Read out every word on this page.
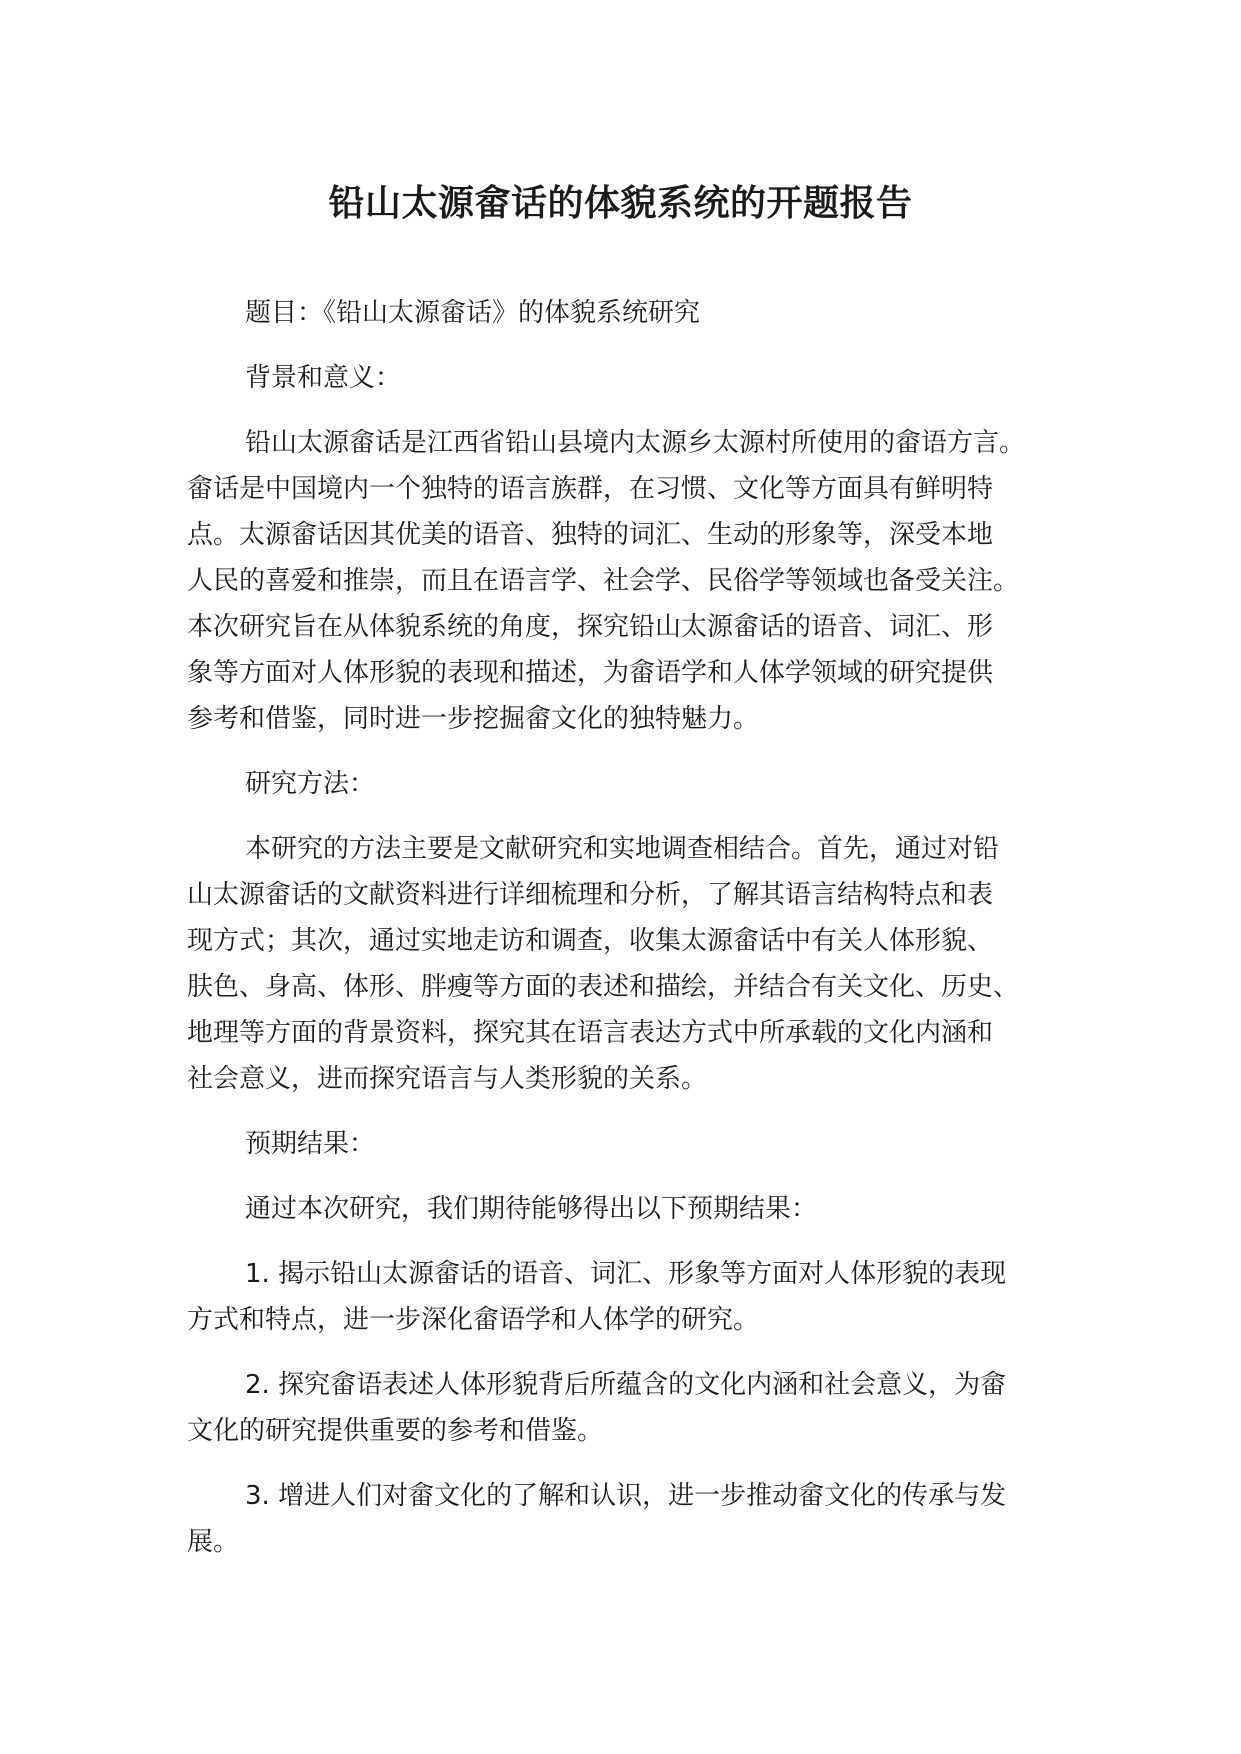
铅山太源畲话的体貌系统的开题报告

题目：《铅山太源畲话》的体貌系统研究

背景和意义：

铅山太源畲话是江西省铅山县境内太源乡太源村所使用的畲语方言。
畲话是中国境内一个独特的语言族群，在习惯、文化等方面具有鲜明特
点。太源畲话因其优美的语音、独特的词汇、生动的形象等，深受本地
人民的喜爱和推崇，而且在语言学、社会学、民俗学等领域也备受关注。
本次研究旨在从体貌系统的角度，探究铅山太源畲话的语音、词汇、形
象等方面对人体形貌的表现和描述，为畲语学和人体学领域的研究提供
参考和借鉴，同时进一步挖掘畲文化的独特魅力。

研究方法：

本研究的方法主要是文献研究和实地调查相结合。首先，通过对铅
山太源畲话的文献资料进行详细梳理和分析，了解其语言结构特点和表
现方式；其次，通过实地走访和调查，收集太源畲话中有关人体形貌、
肤色、身高、体形、胖瘦等方面的表述和描绘，并结合有关文化、历史、
地理等方面的背景资料，探究其在语言表达方式中所承载的文化内涵和
社会意义，进而探究语言与人类形貌的关系。

预期结果：

通过本次研究，我们期待能够得出以下预期结果：

1. 揭示铅山太源畲话的语音、词汇、形象等方面对人体形貌的表现
方式和特点，进一步深化畲语学和人体学的研究。
2. 探究畲语表述人体形貌背后所蕴含的文化内涵和社会意义，为畲
文化的研究提供重要的参考和借鉴。
3. 增进人们对畲文化的了解和认识，进一步推动畲文化的传承与发
展。
